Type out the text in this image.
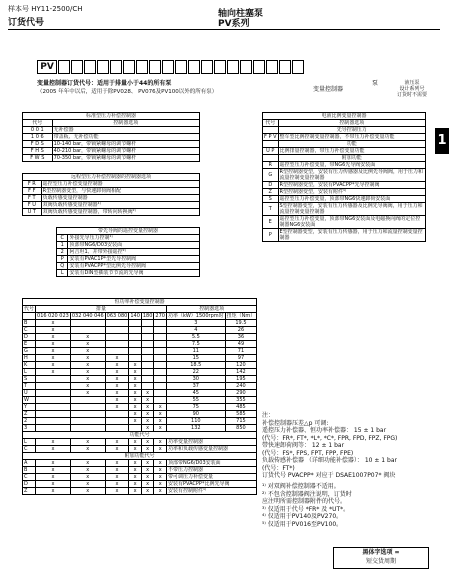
样本号 HY11-2500/CH
订货代号
轴向柱塞泵
PV系列
PV
变量控制器订货代号：适用于排量小于44的所有泵
（2005 年年中以后，适用于除PV028、 PV076及PV100以外的所有泵）	变量控制器
泵	液压泵
设计系列号
订货时不需要
1
标准型压力补偿控制器	
代号	控制器选项
0 0 1	无补偿器
1 0 6	带盖板、无补偿功能
F D S	10-140 bar，带锁紧螺母的调节螺杆
F H S	40-210 bar，带锁紧螺母的调节螺杆
F W S	70-350 bar，带锁紧螺母的调节螺杆
远程型压力补偿控制器的控制器选项	
F R	遥控型压力补偿变量控制器
F F	R型控制器变型，与快速卸荷阀相配
F T	负载传感变量控制器
F U	双阀负载传感变量控制器¹⁾
U T	双阀负载传感变量控制器，带转向转换阀²⁾
带先导阀的遥控变量控制器	
C	外接先导压力控制¹⁾
1	顶部带NG6/D03安装面
2	阿吉坦1、并带外接遥控²⁾
P	安装有PVAC1P*型先导控制阀
Q	安装有PVACPP*型比例先导控制阀
L	安装有DIN型插装节节流的先导阀
恒功率补偿变量控制器								
代号	排量						控制器选项	
	016 020 023	032 040 046	063 080	140	180	270	功率（kW）1500rpm时	扭矩（Nm）
B	x						3	19.5
C	x						4	26
D	x	x					5.5	36
E	x	x					7.5	49
G	x	x					11	71
H	x	x	x				15	97
K	x	x	x	x			18.5	120
L	x	x	x	x			22	142
S		x	x	x			30	195
T		x	x	x			37	240
U		x	x	x	x		45	290
W			x	x	x		55	355
Y			x	x	x	x	75	485
Z				x	x	x	90	585
2				x	x	x	110	715
3					x	x	132	850
功能代号								
L	x	x	x	x	x	x	功率变量控制器	
C	x	x	x	x	x	x	功率和负载传感变量控制器	
附加功能代号								
A	x	x	x	x	x	x	顶部带NG6/D03安装面	
B	x	x	x	x	x	x	不带压力控制器	
C	x	x	x	x	x	x	带可调压力补偿变量	
D	x	x	x	x	x	x	安装有PVACPP*比例先导阀	
Z	x	x	x	x	x	x	安装有控制附件¹⁾	
电液比例变量控制器	
代号	控制器选项
	先导控制压力
F P V	整车型比例控制变量控制器，不带压力补偿变量功能
	功能
U P	比例排量控制器，带压力补偿变量功能
	附加功能
R	遥控型压力补偿变量，带NG6先导阀安装面
G	R型控制器变型，安装有压力传感器及比例先导阀阀，用于压力和流量控制变量控制器
D	R型控制器变型，安装有PVACPP*先导控制阀
Z	R型控制器变型，安装有附件¹⁾
S	遥控型压力补偿变量，顶部带NG6快速卸荷安装面
T	S型控制器变型，安装有压力传感器及比例先导阀阀，用于压力和流量控制变量控制器
E	遥控型压力补偿变量，顶部带NG6安装面及电磁换向阀的定位控制器NG6安装面
P	E型控制器变型，安装有压力传感器，用于压力和流量控制变量控制器
注：
补偿控制器压差△p 可调:
遥控压力补偿器、恒功率补偿器： 15 ± 1 bar
(代号：FR*, FT*, *L*, *C*, FPR, FPD, FPZ, FPG)
带快速卸荷阀等： 12 ± 1 bar
(代号：FS*, FPS, FPT, FPP, FPE)
负载传感补偿器 （详细功能补偿器）： 10 ± 1 bar
(代号：FT*)
订货代号 PVACPP* 对应于 DSAE1007P07* 阀块
¹⁾ 对双阀补偿控制器不适用。
²⁾ 不包含控制器阀注说明，订货时
应注明所需控制器附件的代号。
³⁾ 仅适用于代号 *FR* 及 *UT*。
⁴⁾ 仅适用于PV140及PV270。
⁵⁾ 仅适用于PV016至PV100。
黑体字选项 =
短交货周期
